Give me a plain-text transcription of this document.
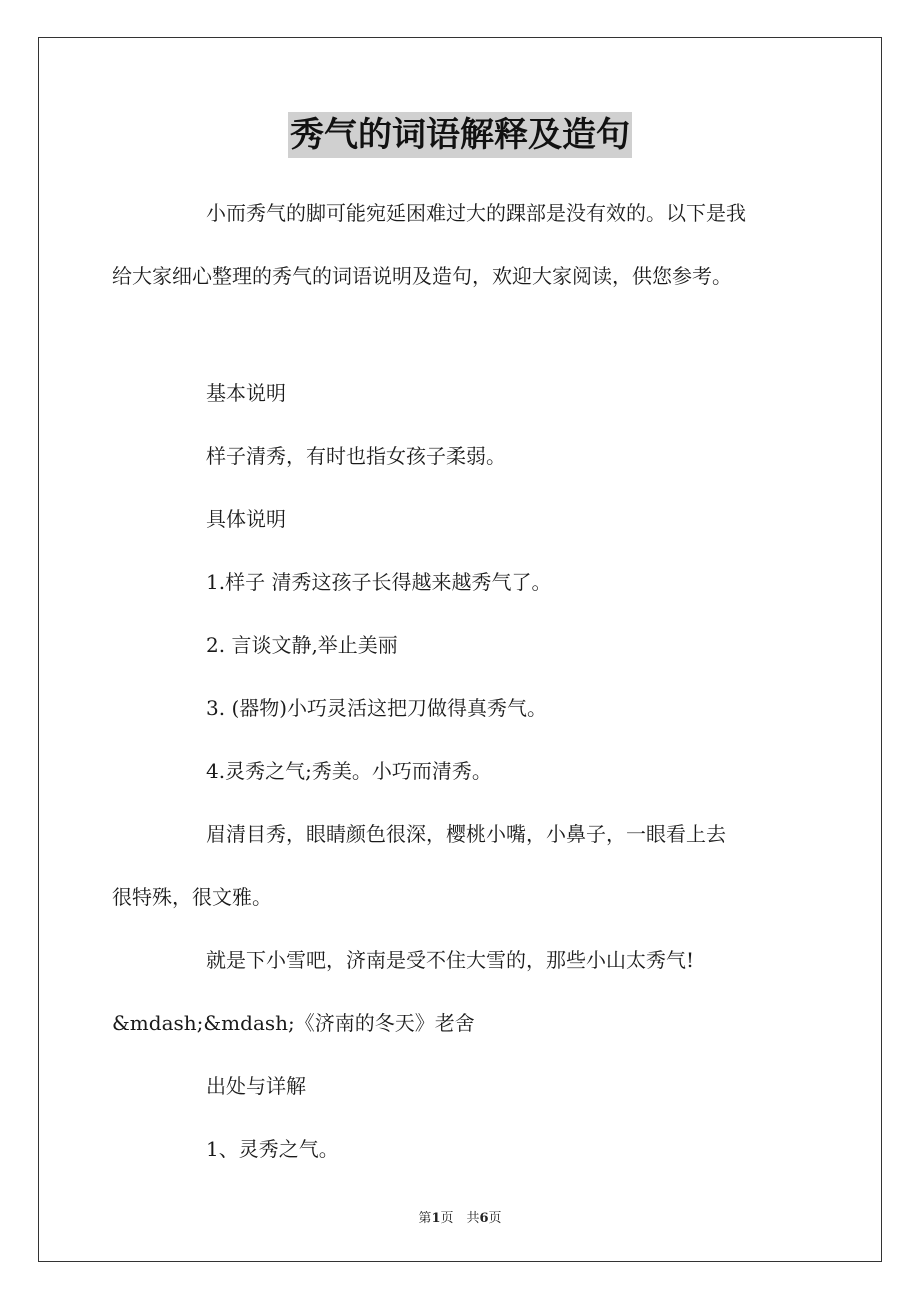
秀气的词语解释及造句

小而秀气的脚可能宛延困难过大的踝部是没有效的。以下是我

给大家细心整理的秀气的词语说明及造句，欢迎大家阅读，供您参考。

基本说明

样子清秀，有时也指女孩子柔弱。

具体说明

1.样子 清秀这孩子长得越来越秀气了。

2. 言谈文静,举止美丽

3. (器物)小巧灵活这把刀做得真秀气。

4.灵秀之气;秀美。小巧而清秀。

眉清目秀，眼睛颜色很深，樱桃小嘴，小鼻子，一眼看上去

很特殊，很文雅。

就是下小雪吧，济南是受不住大雪的，那些小山太秀气!

&mdash;&mdash;《济南的冬天》老舍

出处与详解

1、灵秀之气。

第1页　共6页
